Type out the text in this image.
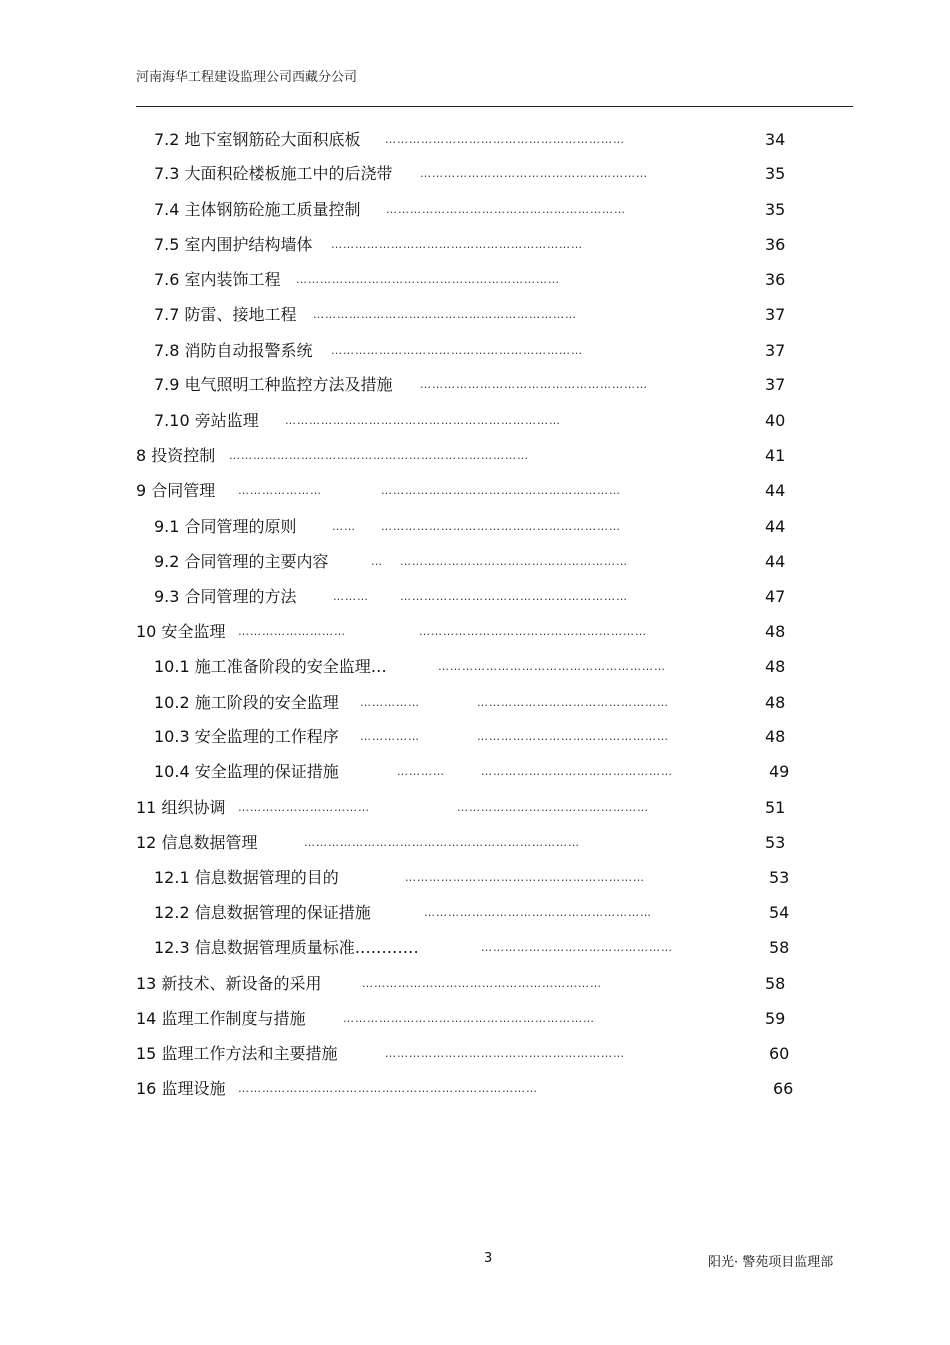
河南海华工程建设监理公司西藏分公司
7.2 地下室钢筋砼大面积底板 ……………………………………………………	34
7.3 大面积砼楼板施工中的后浇带 …………………………………………………	35
7.4 主体钢筋砼施工质量控制 ……………………………………………………	35
7.5 室内围护结构墙体 ………………………………………………………	36
7.6 室内装饰工程 …………………………………………………………	36
7.7 防雷、接地工程 …………………………………………………………	37
7.8 消防自动报警系统 ………………………………………………………	37
7.9 电气照明工种监控方法及措施 …………………………………………………	37
7.10 旁站监理 ……………………………………………………………	40
8 投资控制 …………………………………………………………………	41
9 合同管理 …………………	……………………………………………………	44
9.1 合同管理的原则	……	……………………………………………………	44
9.2 合同管理的主要内容	…	…………………………………………………	44
9.3 合同管理的方法	………	…………………………………………………	47
10 安全监理 ………………………	…………………………………………………	48
10.1 施工准备阶段的安全监理…	…………………………………………………	48
10.2 施工阶段的安全监理 ……………	…………………………………………	48
10.3 安全监理的工作程序 ……………	…………………………………………	48
10.4 安全监理的保证措施	…………	…………………………………………	49
11 组织协调 ……………………………	…………………………………………	51
12 信息数据管理	……………………………………………………………	53
12.1 信息数据管理的目的	……………………………………………………	53
12.2 信息数据管理的保证措施	…………………………………………………	54
12.3 信息数据管理质量标准…………	…………………………………………	58
13 新技术、新设备的采用	……………………………………………………	58
14 监理工作制度与措施	………………………………………………………	59
15 监理工作方法和主要措施	……………………………………………………	60
16 监理设施 …………………………………………………………………	66
3	阳光· 警苑项目监理部
